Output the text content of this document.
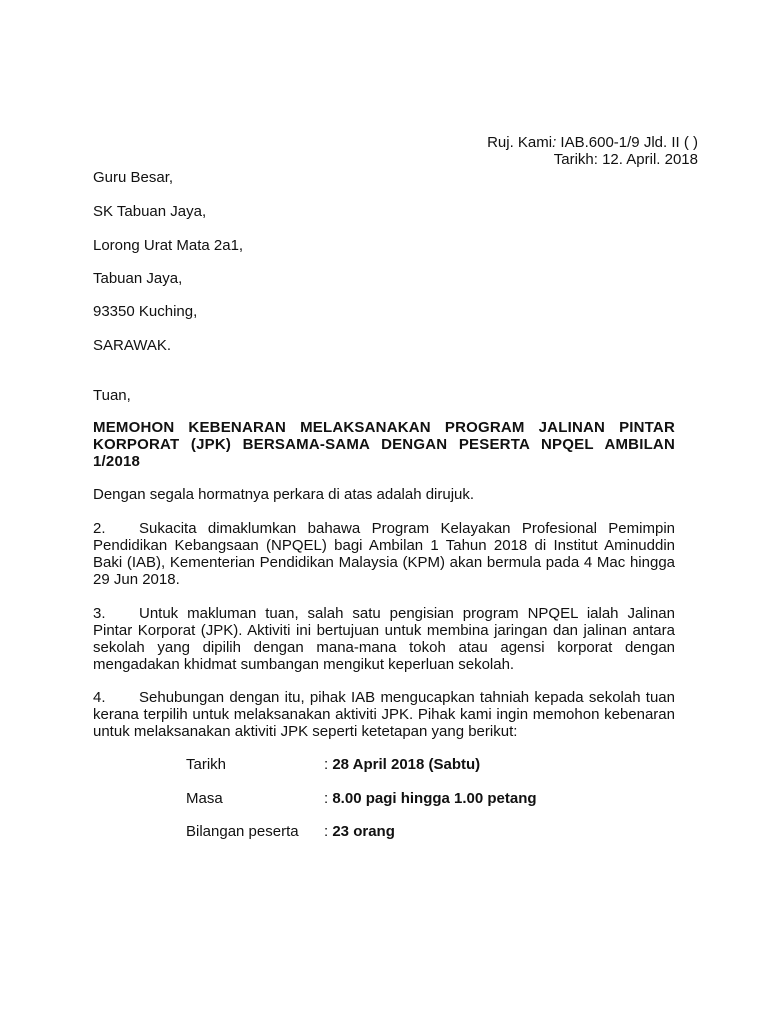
Ruj. Kami: IAB.600-1/9 Jld. II ( )
Tarikh: 12. April. 2018
Guru Besar,
SK Tabuan Jaya,
Lorong Urat Mata 2a1,
Tabuan Jaya,
93350 Kuching,
SARAWAK.
Tuan,
MEMOHON KEBENARAN MELAKSANAKAN PROGRAM JALINAN PINTAR KORPORAT (JPK) BERSAMA-SAMA DENGAN PESERTA NPQEL AMBILAN 1/2018
Dengan segala hormatnya perkara di atas adalah dirujuk.
2. Sukacita dimaklumkan bahawa Program Kelayakan Profesional Pemimpin Pendidikan Kebangsaan (NPQEL) bagi Ambilan 1 Tahun 2018 di Institut Aminuddin Baki (IAB), Kementerian Pendidikan Malaysia (KPM) akan bermula pada 4 Mac hingga 29 Jun 2018.
3. Untuk makluman tuan, salah satu pengisian program NPQEL ialah Jalinan Pintar Korporat (JPK). Aktiviti ini bertujuan untuk membina jaringan dan jalinan antara sekolah yang dipilih dengan mana-mana tokoh atau agensi korporat dengan mengadakan khidmat sumbangan mengikut keperluan sekolah.
4. Sehubungan dengan itu, pihak IAB mengucapkan tahniah kepada sekolah tuan kerana terpilih untuk melaksanakan aktiviti JPK. Pihak kami ingin memohon kebenaran untuk melaksanakan aktiviti JPK seperti ketetapan yang berikut:
Tarikh	: 28 April 2018 (Sabtu)
Masa	: 8.00 pagi hingga 1.00 petang
Bilangan peserta : 23 orang
